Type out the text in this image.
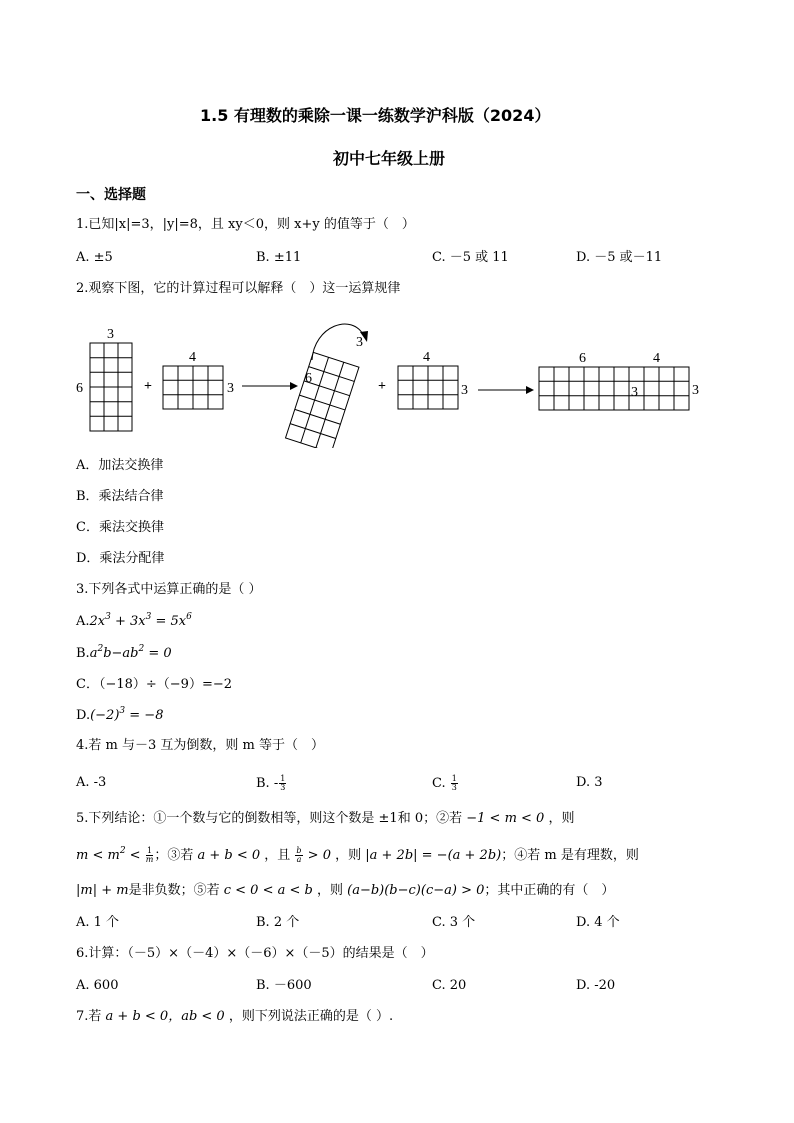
1.5 有理数的乘除一课一练数学沪科版（2024）
初中七年级上册
一、选择题
1.已知|x|=3，|y|=8，且 xy＜0，则 x+y 的值等于（　）
A. ±5	B. ±11	C. －5 或 11	D. －5 或－11
2.观察下图，它的计算过程可以解释（　）这一运算规律
3
6	+
4
3
3
6
+
4
3
6	4
3	3
A．加法交换律
B．乘法结合律
C．乘法交换律
D．乘法分配律
3.下列各式中运算正确的是（ ）
$A.2x^3 + 3x^3 = 5x^6$
$B.a^2b-ab^2 = 0$
C．（−18）÷（−9）=−2
$D.(-2)^3 = -8$
4.若 m 与－3 互为倒数，则 m 等于（　）
A. -3	B. - $\frac{1}{3}$	C. $\frac{1}{3}$	D. 3
5.下列结论：①一个数与它的倒数相等，则这个数是 ±1和 0；②若 −1 < m < 0 ，则
$m < m^2 < \frac{1}{m}$ ；③若 a + b < 0 ，且 $\frac{b}{a} > 0$ ，则 |a + 2b| = −(a + 2b)；④若 m 是有理数，则
|m| + m是非负数；⑤若 c < 0 < a < b ，则 (a−b)(b−c)(c−a) > 0；其中正确的有（　）
A. 1 个	B. 2 个	C. 3 个	D. 4 个
6.计算：（－5）×（－4）×（－6）×（－5）的结果是（　）
A. 600	B. －600	C. 20	D. -20
7.若 a + b < 0，ab < 0 ，则下列说法正确的是（ ）.
